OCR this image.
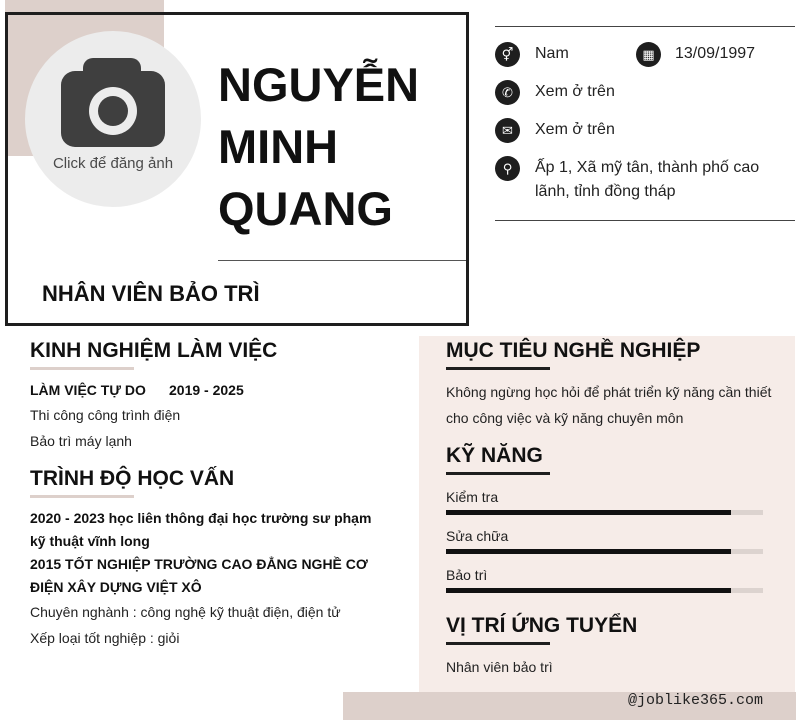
Click để đăng ảnh
NGUYỄN
MINH
QUANG
NHÂN VIÊN BẢO TRÌ
⚥	Nam	▦	13/09/1997
✆	Xem ở trên
✉	Xem ở trên
⚲	Ấp 1, Xã mỹ tân, thành phố cao
lãnh, tỉnh đồng tháp
KINH NGHIỆM LÀM VIỆC
LÀM VIỆC TỰ DO 2019 - 2025
Thi công công trình điện
Bảo trì máy lạnh
TRÌNH ĐỘ HỌC VẤN
2020 - 2023 học liên thông đại học trường sư phạm
kỹ thuật vĩnh long
2015 TỐT NGHIỆP TRƯỜNG CAO ĐẲNG NGHỀ CƠ
ĐIỆN XÂY DỰNG VIỆT XÔ
Chuyên nghành : công nghệ kỹ thuật điện, điện tử
Xếp loại tốt nghiệp : giỏi
MỤC TIÊU NGHỀ NGHIỆP
Không ngừng học hỏi để phát triển kỹ năng cần thiết
cho công việc và kỹ năng chuyên môn
KỸ NĂNG
Kiểm tra
Sửa chữa
Bảo trì
VỊ TRÍ ỨNG TUYỂN
Nhân viên bảo trì
@joblike365.com
